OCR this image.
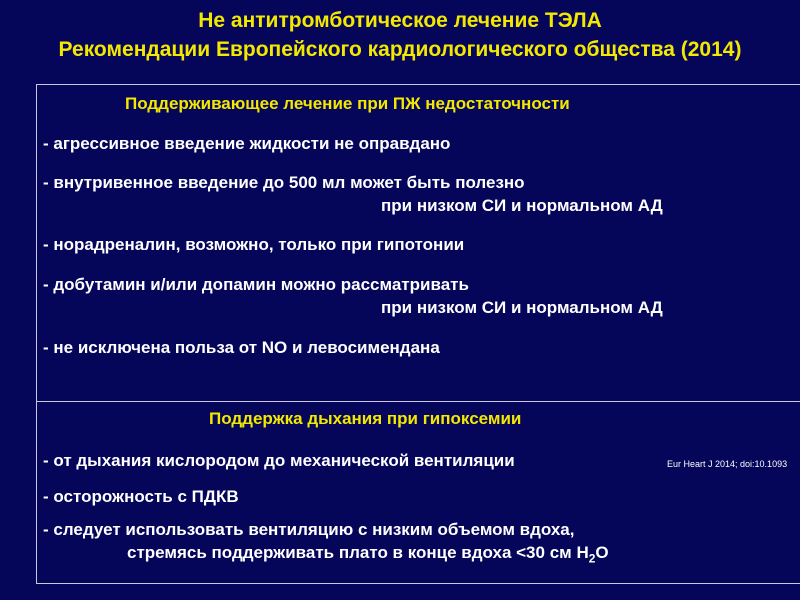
Не антитромботическое лечение ТЭЛА
Рекомендации Европейского кардиологического общества (2014)
Поддерживающее лечение при ПЖ недостаточности
- агрессивное введение жидкости не оправдано
- внутривенное введение до 500 мл может быть полезно
при низком СИ и нормальном АД
- норадреналин, возможно, только при гипотонии
- добутамин и/или допамин можно рассматривать
при низком СИ и нормальном АД
- не исключена польза от NO и левосимендана
Поддержка дыхания при гипоксемии
- от дыхания кислородом до механической вентиляции
- осторожность с ПДКВ
- следует использовать вентиляцию с низким объемом вдоха,
стремясь поддерживать плато в конце вдоха <30 см $Н_2O$
Eur Heart J 2014; doi:10.1093
